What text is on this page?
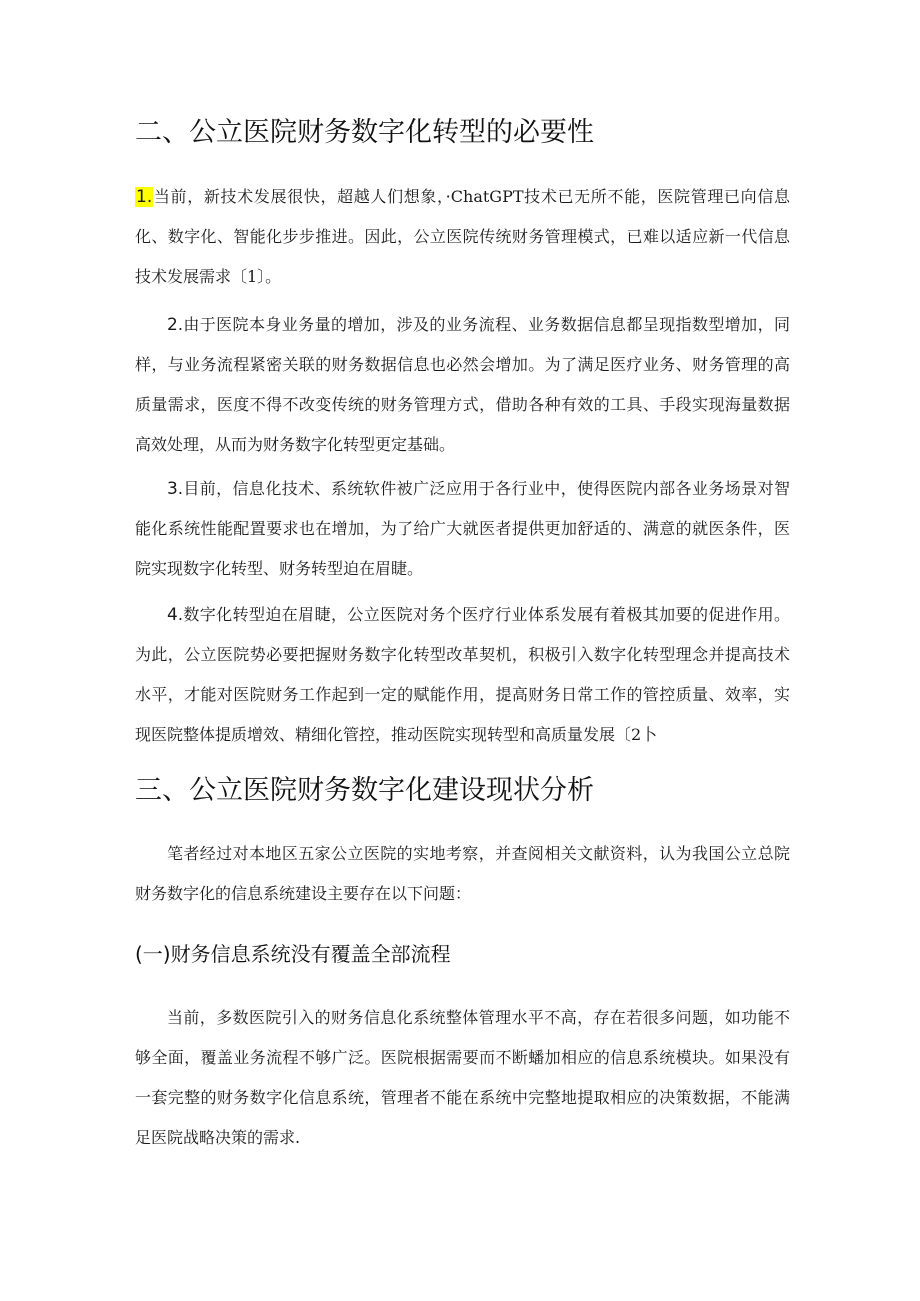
二、公立医院财务数字化转型的必要性

1.当前，新技术发展很快，超越人们想象，·ChatGPT技术已无所不能，医院管理已向信息化、数字化、智能化步步推进。因此，公立医院传统财务管理模式，已难以适应新一代信息技术发展需求〔1〕。

2.由于医院本身业务量的增加，涉及的业务流程、业务数据信息都呈现指数型增加，同样，与业务流程紧密关联的财务数据信息也必然会增加。为了满足医疗业务、财务管理的高质量需求，医度不得不改变传统的财务管理方式，借助各种有效的工具、手段实现海量数据高效处理，从而为财务数字化转型更定基础。

3.目前，信息化技术、系统软件被广泛应用于各行业中，使得医院内部各业务场景对智能化系统性能配置要求也在增加，为了给广大就医者提供更加舒适的、满意的就医条件，医院实现数字化转型、财务转型迫在眉睫。

4.数字化转型迫在眉睫，公立医院对务个医疗行业体系发展有着极其加要的促进作用。为此，公立医院势必要把握财务数字化转型改革契机，积极引入数字化转型理念并提高技术水平，才能对医院财务工作起到一定的赋能作用，提高财务日常工作的管控质量、效率，实现医院整体提质增效、精细化管控，推动医院实现转型和高质量发展〔2卜

三、公立医院财务数字化建设现状分析

笔者经过对本地区五家公立医院的实地考察，并查阅相关文献资料，认为我国公立总院财务数字化的信息系统建设主要存在以下问题：

(一)财务信息系统没有覆盖全部流程

当前，多数医院引入的财务信息化系统整体管理水平不高，存在若很多问题，如功能不够全面，覆盖业务流程不够广泛。医院根据需要而不断蟠加相应的信息系统模块。如果没有一套完整的财务数字化信息系统，管理者不能在系统中完整地提取相应的决策数据，不能满足医院战略决策的需求.
